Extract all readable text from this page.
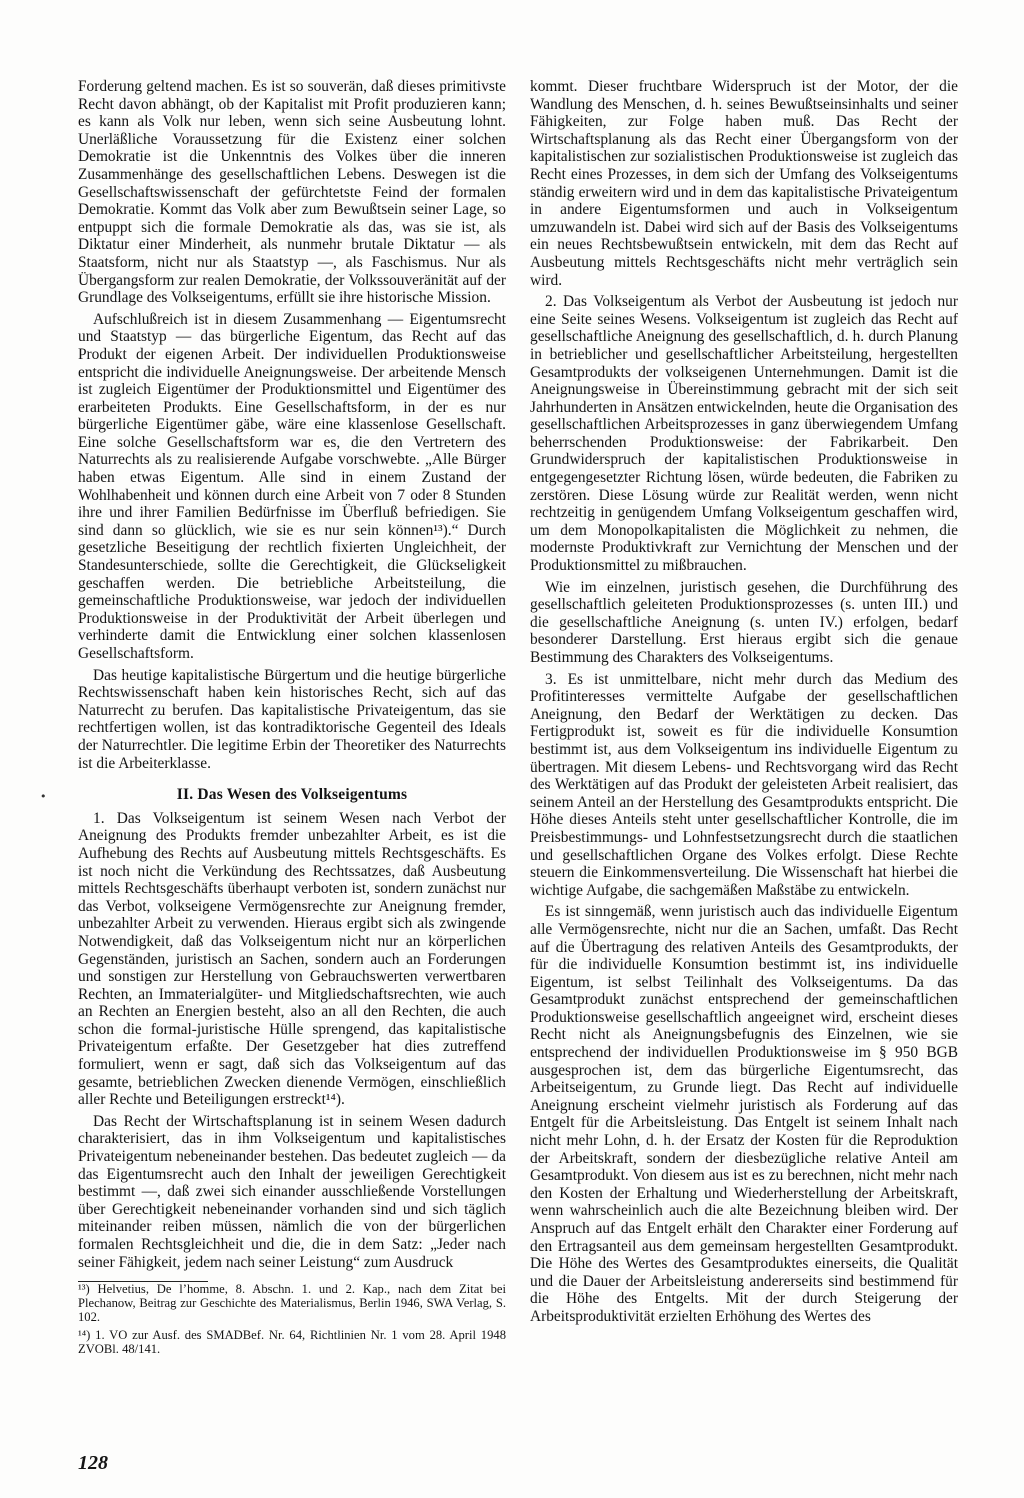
Forderung geltend machen. Es ist so souverän, daß dieses primitivste Recht davon abhängt, ob der Kapitalist mit Profit produzieren kann; es kann als Volk nur leben, wenn sich seine Ausbeutung lohnt. Unerläßliche Voraussetzung für die Existenz einer solchen Demokratie ist die Unkenntnis des Volkes über die inneren Zusammenhänge des gesellschaftlichen Lebens. Deswegen ist die Gesellschaftswissenschaft der gefürchtetste Feind der formalen Demokratie. Kommt das Volk aber zum Bewußtsein seiner Lage, so entpuppt sich die formale Demokratie als das, was sie ist, als Diktatur einer Minderheit, als nunmehr brutale Diktatur — als Staatsform, nicht nur als Staatstyp —, als Faschismus. Nur als Übergangsform zur realen Demokratie, der Volkssouveränität auf der Grundlage des Volkseigentums, erfüllt sie ihre historische Mission.

Aufschlußreich ist in diesem Zusammenhang — Eigentumsrecht und Staatstyp — das bürgerliche Eigentum, das Recht auf das Produkt der eigenen Arbeit. Der individuellen Produktionsweise entspricht die individuelle Aneignungsweise. Der arbeitende Mensch ist zugleich Eigentümer der Produktionsmittel und Eigentümer des erarbeiteten Produkts. Eine Gesellschaftsform, in der es nur bürgerliche Eigentümer gäbe, wäre eine klassenlose Gesellschaft. Eine solche Gesellschaftsform war es, die den Vertretern des Naturrechts als zu realisierende Aufgabe vorschwebte. „Alle Bürger haben etwas Eigentum. Alle sind in einem Zustand der Wohlhabenheit und können durch eine Arbeit von 7 oder 8 Stunden ihre und ihrer Familien Bedürfnisse im Überfluß befriedigen. Sie sind dann so glücklich, wie sie es nur sein können¹³).“ Durch gesetzliche Beseitigung der rechtlich fixierten Ungleichheit, der Standesunterschiede, sollte die Gerechtigkeit, die Glückseligkeit geschaffen werden. Die betriebliche Arbeitsteilung, die gemeinschaftliche Produktionsweise, war jedoch der individuellen Produktionsweise in der Produktivität der Arbeit überlegen und verhinderte damit die Entwicklung einer solchen klassenlosen Gesellschaftsform.

Das heutige kapitalistische Bürgertum und die heutige bürgerliche Rechtswissenschaft haben kein historisches Recht, sich auf das Naturrecht zu berufen. Das kapitalistische Privateigentum, das sie rechtfertigen wollen, ist das kontradiktorische Gegenteil des Ideals der Naturrechtler. Die legitime Erbin der Theoretiker des Naturrechts ist die Arbeiterklasse.

II. Das Wesen des Volkseigentums

1. Das Volkseigentum ist seinem Wesen nach Verbot der Aneignung des Produkts fremder unbezahlter Arbeit, es ist die Aufhebung des Rechts auf Ausbeutung mittels Rechtsgeschäfts. Es ist noch nicht die Verkündung des Rechtssatzes, daß Ausbeutung mittels Rechtsgeschäfts überhaupt verboten ist, sondern zunächst nur das Verbot, volkseigene Vermögensrechte zur Aneignung fremder, unbezahlter Arbeit zu verwenden. Hieraus ergibt sich als zwingende Notwendigkeit, daß das Volkseigentum nicht nur an körperlichen Gegenständen, juristisch an Sachen, sondern auch an Forderungen und sonstigen zur Herstellung von Gebrauchswerten verwertbaren Rechten, an Immaterialgüter- und Mitgliedschaftsrechten, wie auch an Rechten an Energien besteht, also an all den Rechten, die auch schon die formal-juristische Hülle sprengend, das kapitalistische Privateigentum erfaßte. Der Gesetzgeber hat dies zutreffend formuliert, wenn er sagt, daß sich das Volkseigentum auf das gesamte, betrieblichen Zwecken dienende Vermögen, einschließlich aller Rechte und Beteiligungen erstreckt¹⁴).

Das Recht der Wirtschaftsplanung ist in seinem Wesen dadurch charakterisiert, das in ihm Volkseigentum und kapitalistisches Privateigentum nebeneinander bestehen. Das bedeutet zugleich — da das Eigentumsrecht auch den Inhalt der jeweiligen Gerechtigkeit bestimmt —, daß zwei sich einander ausschließende Vorstellungen über Gerechtigkeit nebeneinander vorhanden sind und sich täglich miteinander reiben müssen, nämlich die von der bürgerlichen formalen Rechtsgleichheit und die, die in dem Satz: „Jeder nach seiner Fähigkeit, jedem nach seiner Leistung“ zum Ausdruck

¹³) Helvetius, De l’homme, 8. Abschn. 1. und 2. Kap., nach dem Zitat bei Plechanow, Beitrag zur Geschichte des Materialismus, Berlin 1946, SWA Verlag, S. 102.

¹⁴) 1. VO zur Ausf. des SMADBef. Nr. 64, Richtlinien Nr. 1 vom 28. April 1948 ZVOBl. 48/141.

kommt. Dieser fruchtbare Widerspruch ist der Motor, der die Wandlung des Menschen, d. h. seines Bewußtseinsinhalts und seiner Fähigkeiten, zur Folge haben muß. Das Recht der Wirtschaftsplanung als das Recht einer Übergangsform von der kapitalistischen zur sozialistischen Produktionsweise ist zugleich das Recht eines Prozesses, in dem sich der Umfang des Volkseigentums ständig erweitern wird und in dem das kapitalistische Privateigentum in andere Eigentumsformen und auch in Volkseigentum umzuwandeln ist. Dabei wird sich auf der Basis des Volkseigentums ein neues Rechtsbewußtsein entwickeln, mit dem das Recht auf Ausbeutung mittels Rechtsgeschäfts nicht mehr verträglich sein wird.

2. Das Volkseigentum als Verbot der Ausbeutung ist jedoch nur eine Seite seines Wesens. Volkseigentum ist zugleich das Recht auf gesellschaftliche Aneignung des gesellschaftlich, d. h. durch Planung in betrieblicher und gesellschaftlicher Arbeitsteilung, hergestellten Gesamtprodukts der volkseigenen Unternehmungen. Damit ist die Aneignungsweise in Übereinstimmung gebracht mit der sich seit Jahrhunderten in Ansätzen entwickelnden, heute die Organisation des gesellschaftlichen Arbeitsprozesses in ganz überwiegendem Umfang beherrschenden Produktionsweise: der Fabrikarbeit. Den Grundwiderspruch der kapitalistischen Produktionsweise in entgegengesetzter Richtung lösen, würde bedeuten, die Fabriken zu zerstören. Diese Lösung würde zur Realität werden, wenn nicht rechtzeitig in genügendem Umfang Volkseigentum geschaffen wird, um dem Monopolkapitalisten die Möglichkeit zu nehmen, die modernste Produktivkraft zur Vernichtung der Menschen und der Produktionsmittel zu mißbrauchen.

Wie im einzelnen, juristisch gesehen, die Durchführung des gesellschaftlich geleiteten Produktionsprozesses (s. unten III.) und die gesellschaftliche Aneignung (s. unten IV.) erfolgen, bedarf besonderer Darstellung. Erst hieraus ergibt sich die genaue Bestimmung des Charakters des Volkseigentums.

3. Es ist unmittelbare, nicht mehr durch das Medium des Profitinteresses vermittelte Aufgabe der gesellschaftlichen Aneignung, den Bedarf der Werktätigen zu decken. Das Fertigprodukt ist, soweit es für die individuelle Konsumtion bestimmt ist, aus dem Volkseigentum ins individuelle Eigentum zu übertragen. Mit diesem Lebens- und Rechtsvorgang wird das Recht des Werktätigen auf das Produkt der geleisteten Arbeit realisiert, das seinem Anteil an der Herstellung des Gesamtprodukts entspricht. Die Höhe dieses Anteils steht unter gesellschaftlicher Kontrolle, die im Preisbestimmungs- und Lohnfestsetzungsrecht durch die staatlichen und gesellschaftlichen Organe des Volkes erfolgt. Diese Rechte steuern die Einkommensverteilung. Die Wissenschaft hat hierbei die wichtige Aufgabe, die sachgemäßen Maßstäbe zu entwickeln.

Es ist sinngemäß, wenn juristisch auch das individuelle Eigentum alle Vermögensrechte, nicht nur die an Sachen, umfaßt. Das Recht auf die Übertragung des relativen Anteils des Gesamtprodukts, der für die individuelle Konsumtion bestimmt ist, ins individuelle Eigentum, ist selbst Teilinhalt des Volkseigentums. Da das Gesamtprodukt zunächst entsprechend der gemeinschaftlichen Produktionsweise gesellschaftlich angeeignet wird, erscheint dieses Recht nicht als Aneignungsbefugnis des Einzelnen, wie sie entsprechend der individuellen Produktionsweise im § 950 BGB ausgesprochen ist, dem das bürgerliche Eigentumsrecht, das Arbeitseigentum, zu Grunde liegt. Das Recht auf individuelle Aneignung erscheint vielmehr juristisch als Forderung auf das Entgelt für die Arbeitsleistung. Das Entgelt ist seinem Inhalt nach nicht mehr Lohn, d. h. der Ersatz der Kosten für die Reproduktion der Arbeitskraft, sondern der diesbezügliche relative Anteil am Gesamtprodukt. Von diesem aus ist es zu berechnen, nicht mehr nach den Kosten der Erhaltung und Wiederherstellung der Arbeitskraft, wenn wahrscheinlich auch die alte Bezeichnung bleiben wird. Der Anspruch auf das Entgelt erhält den Charakter einer Forderung auf den Ertragsanteil aus dem gemeinsam hergestellten Gesamtprodukt. Die Höhe des Wertes des Gesamtproduktes einerseits, die Qualität und die Dauer der Arbeitsleistung andererseits sind bestimmend für die Höhe des Entgelts. Mit der durch Steigerung der Arbeitsproduktivität erzielten Erhöhung des Wertes des

•
128
